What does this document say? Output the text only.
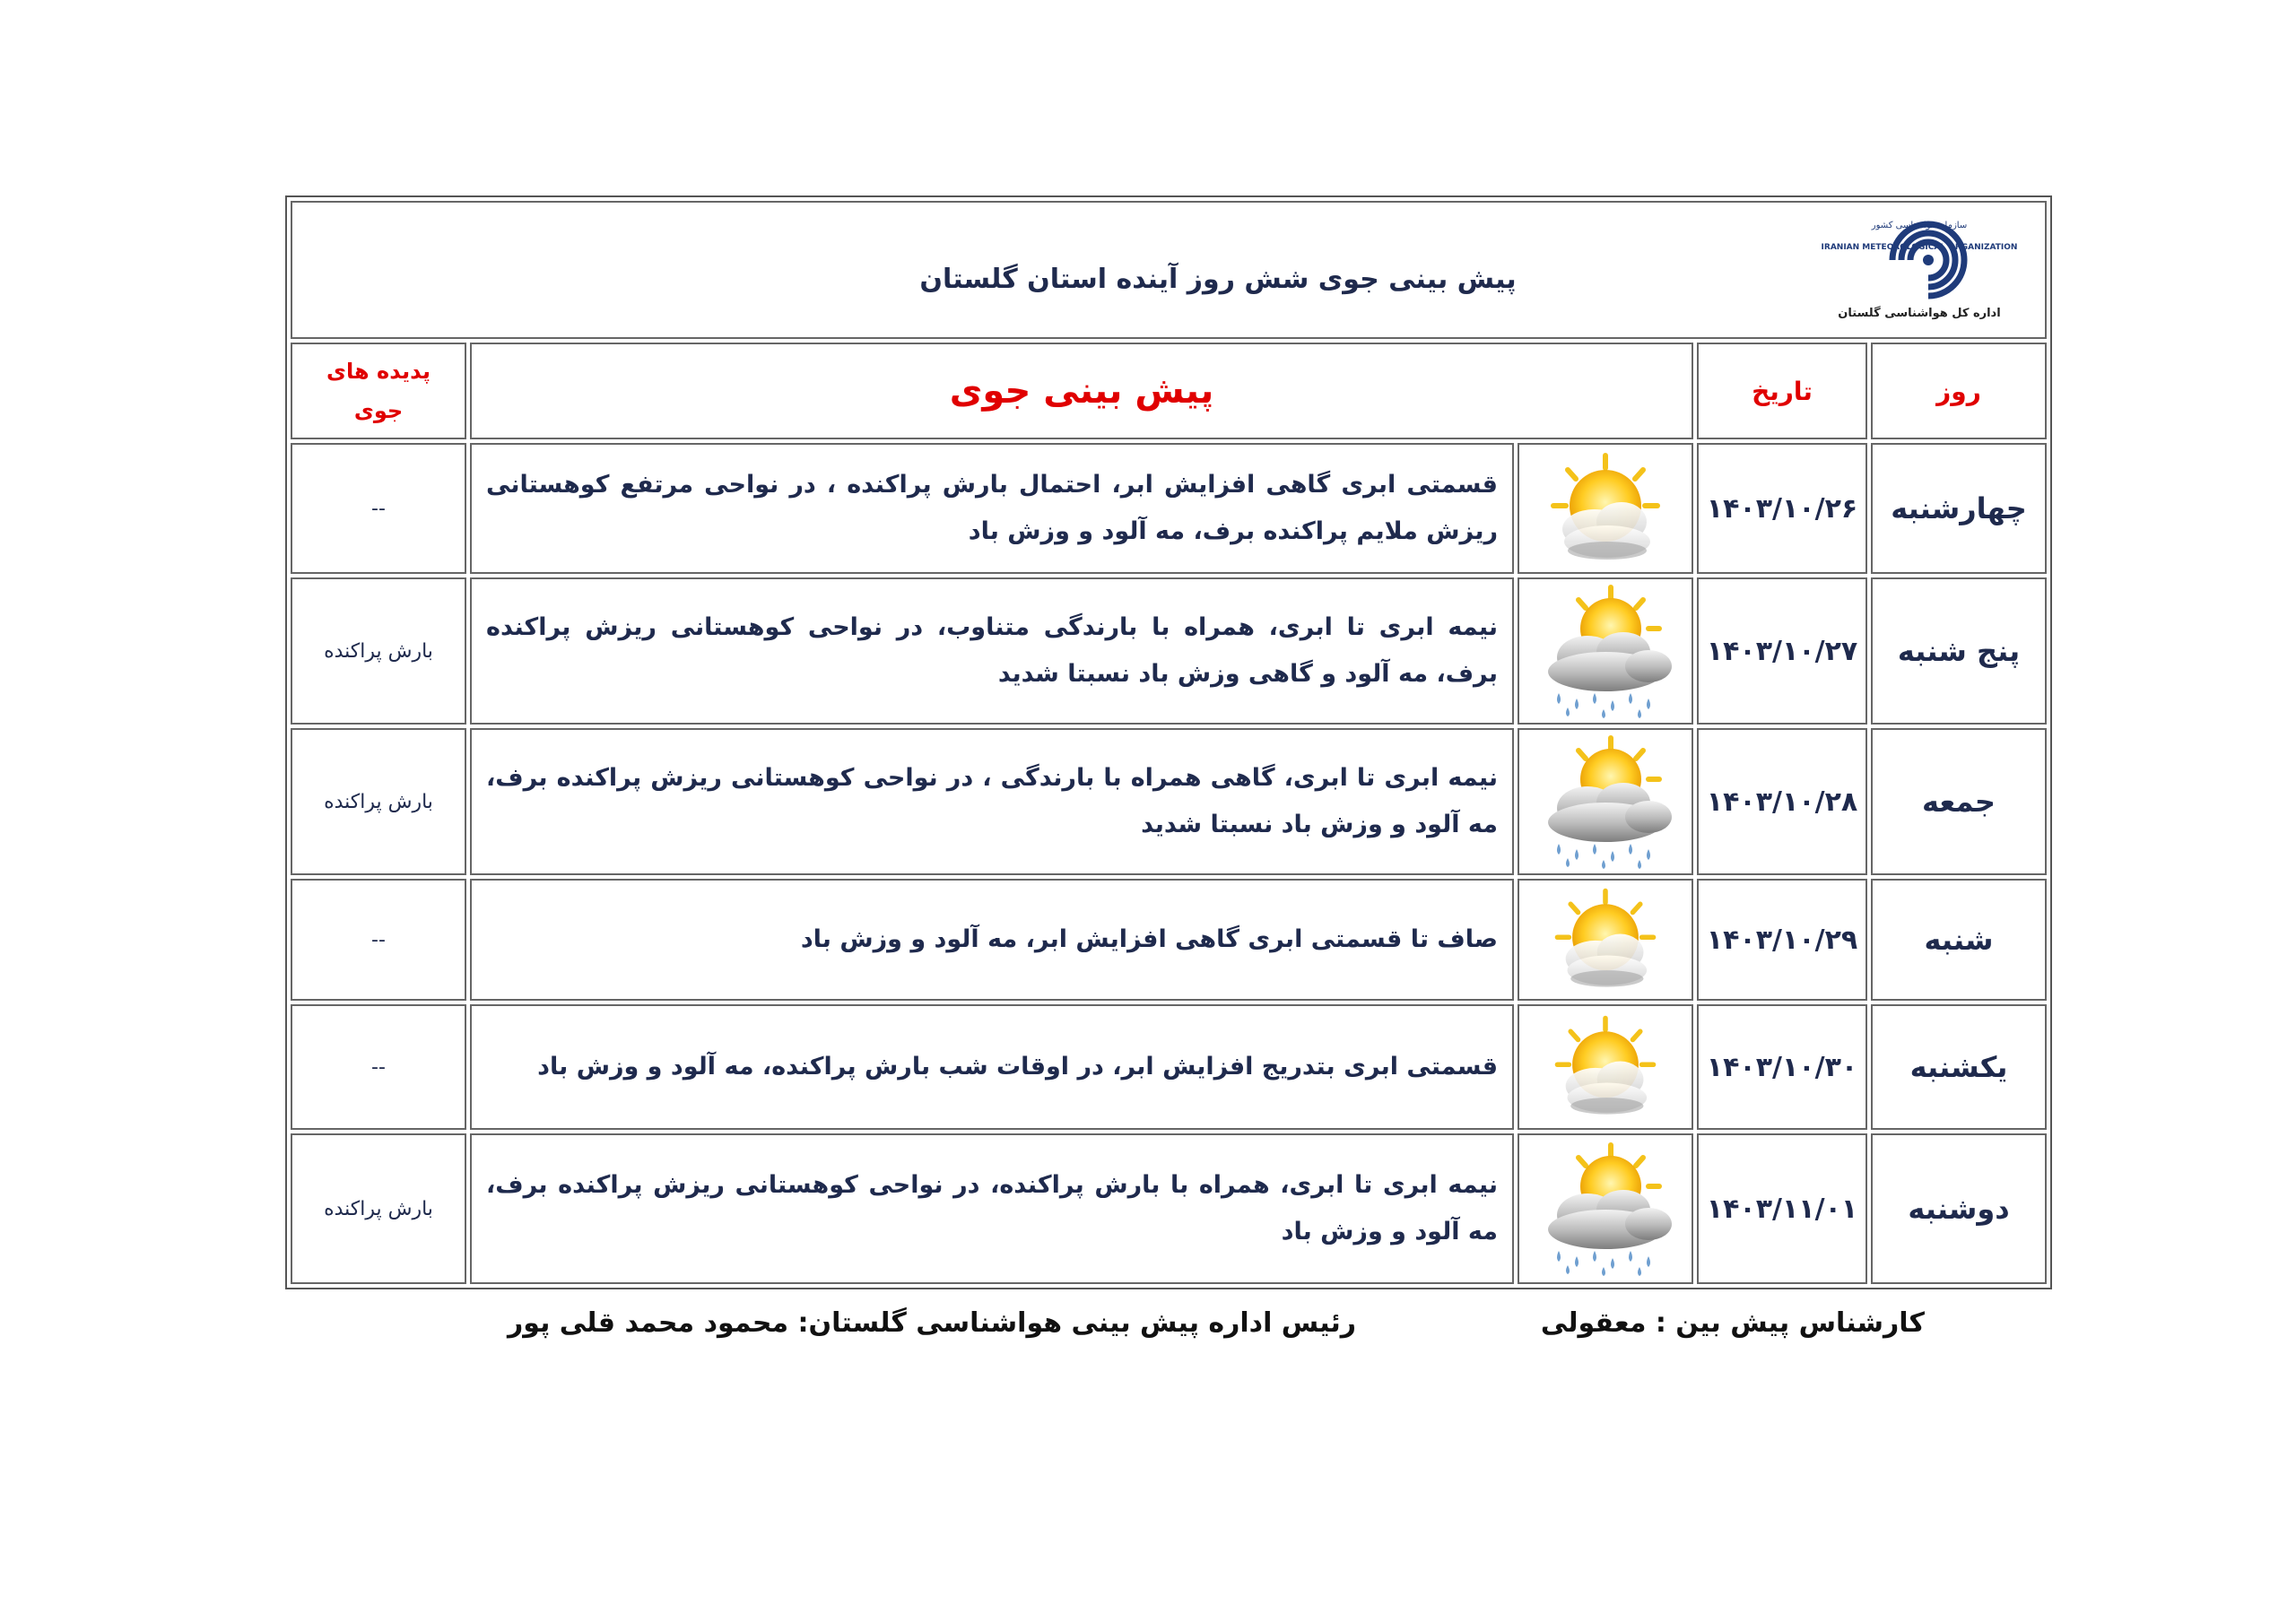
سازمان هواشناسی کشور
IRANIAN METEOROLOGICAL ORGANIZATION
اداره کل هواشناسی گلستان
پیش بینی جوی شش روز آینده استان گلستان				

روز	تاریخ	پیش بینی جوی		پدیده های
جوی

چهارشنبه	۱۴۰۳/۱۰/۲۶		قسمتی ابری گاهی افزایش ابر، احتمال بارش پراکنده ، در نواحی مرتفع کوهستانی ریزش ملایم پراکنده برف، مه آلود و وزش باد	--
پنج شنبه	۱۴۰۳/۱۰/۲۷		نیمه ابری تا ابری، همراه با بارندگی متناوب، در نواحی کوهستانی ریزش پراکنده برف، مه آلود و گاهی وزش باد نسبتا شدید	بارش پراکنده
جمعه	۱۴۰۳/۱۰/۲۸		نیمه ابری تا ابری، گاهی همراه با بارندگی ، در نواحی کوهستانی ریزش پراکنده برف، مه آلود و وزش باد نسبتا شدید	بارش پراکنده
شنبه	۱۴۰۳/۱۰/۲۹		صاف تا قسمتی ابری گاهی افزایش ابر، مه آلود و وزش باد	--
یکشنبه	۱۴۰۳/۱۰/۳۰		قسمتی ابری بتدریج افزایش ابر، در اوقات شب بارش پراکنده، مه آلود و وزش باد	--
دوشنبه	۱۴۰۳/۱۱/۰۱		نیمه ابری تا ابری، همراه با بارش پراکنده، در نواحی کوهستانی ریزش پراکنده برف، مه آلود و وزش باد	بارش پراکنده
کارشناس پیش بین : معقولی
رئیس اداره پیش بینی هواشناسی گلستان: محمود محمد قلی پور
